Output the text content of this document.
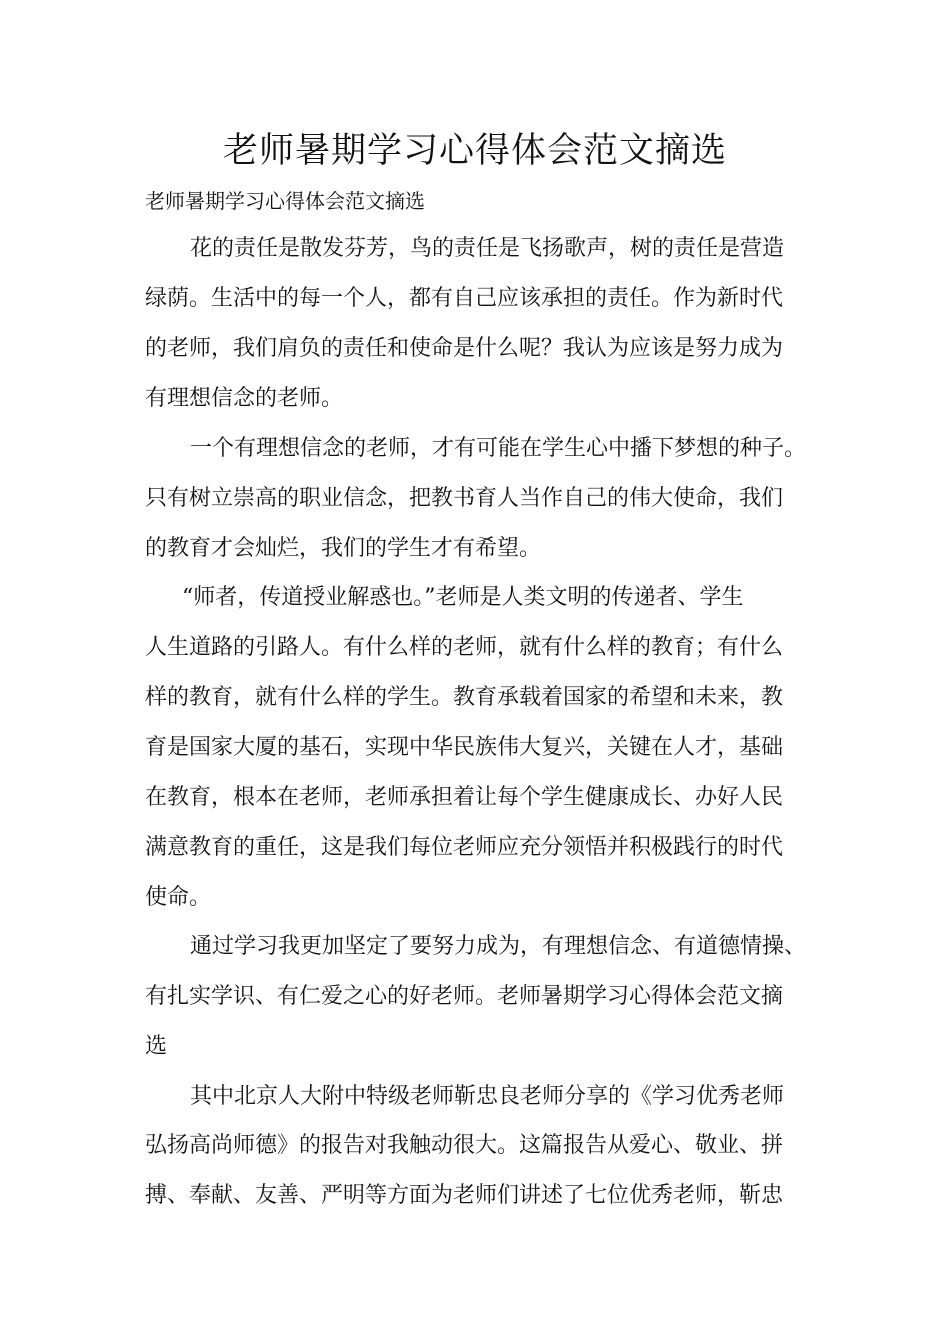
老师暑期学习心得体会范文摘选

老师暑期学习心得体会范文摘选

花的责任是散发芬芳，鸟的责任是飞扬歌声，树的责任是营造

绿荫。生活中的每一个人，都有自己应该承担的责任。作为新时代

的老师，我们肩负的责任和使命是什么呢？我认为应该是努力成为

有理想信念的老师。

一个有理想信念的老师，才有可能在学生心中播下梦想的种子。

只有树立崇高的职业信念，把教书育人当作自己的伟大使命，我们

的教育才会灿烂，我们的学生才有希望。

“师者，传道授业解惑也。”老师是人类文明的传递者、学生

人生道路的引路人。有什么样的老师，就有什么样的教育；有什么

样的教育，就有什么样的学生。教育承载着国家的希望和未来，教

育是国家大厦的基石，实现中华民族伟大复兴，关键在人才，基础

在教育，根本在老师，老师承担着让每个学生健康成长、办好人民

满意教育的重任，这是我们每位老师应充分领悟并积极践行的时代

使命。

通过学习我更加坚定了要努力成为，有理想信念、有道德情操、

有扎实学识、有仁爱之心的好老师。老师暑期学习心得体会范文摘

选

其中北京人大附中特级老师靳忠良老师分享的《学习优秀老师

弘扬高尚师德》的报告对我触动很大。这篇报告从爱心、敬业、拼

搏、奉献、友善、严明等方面为老师们讲述了七位优秀老师，靳忠
